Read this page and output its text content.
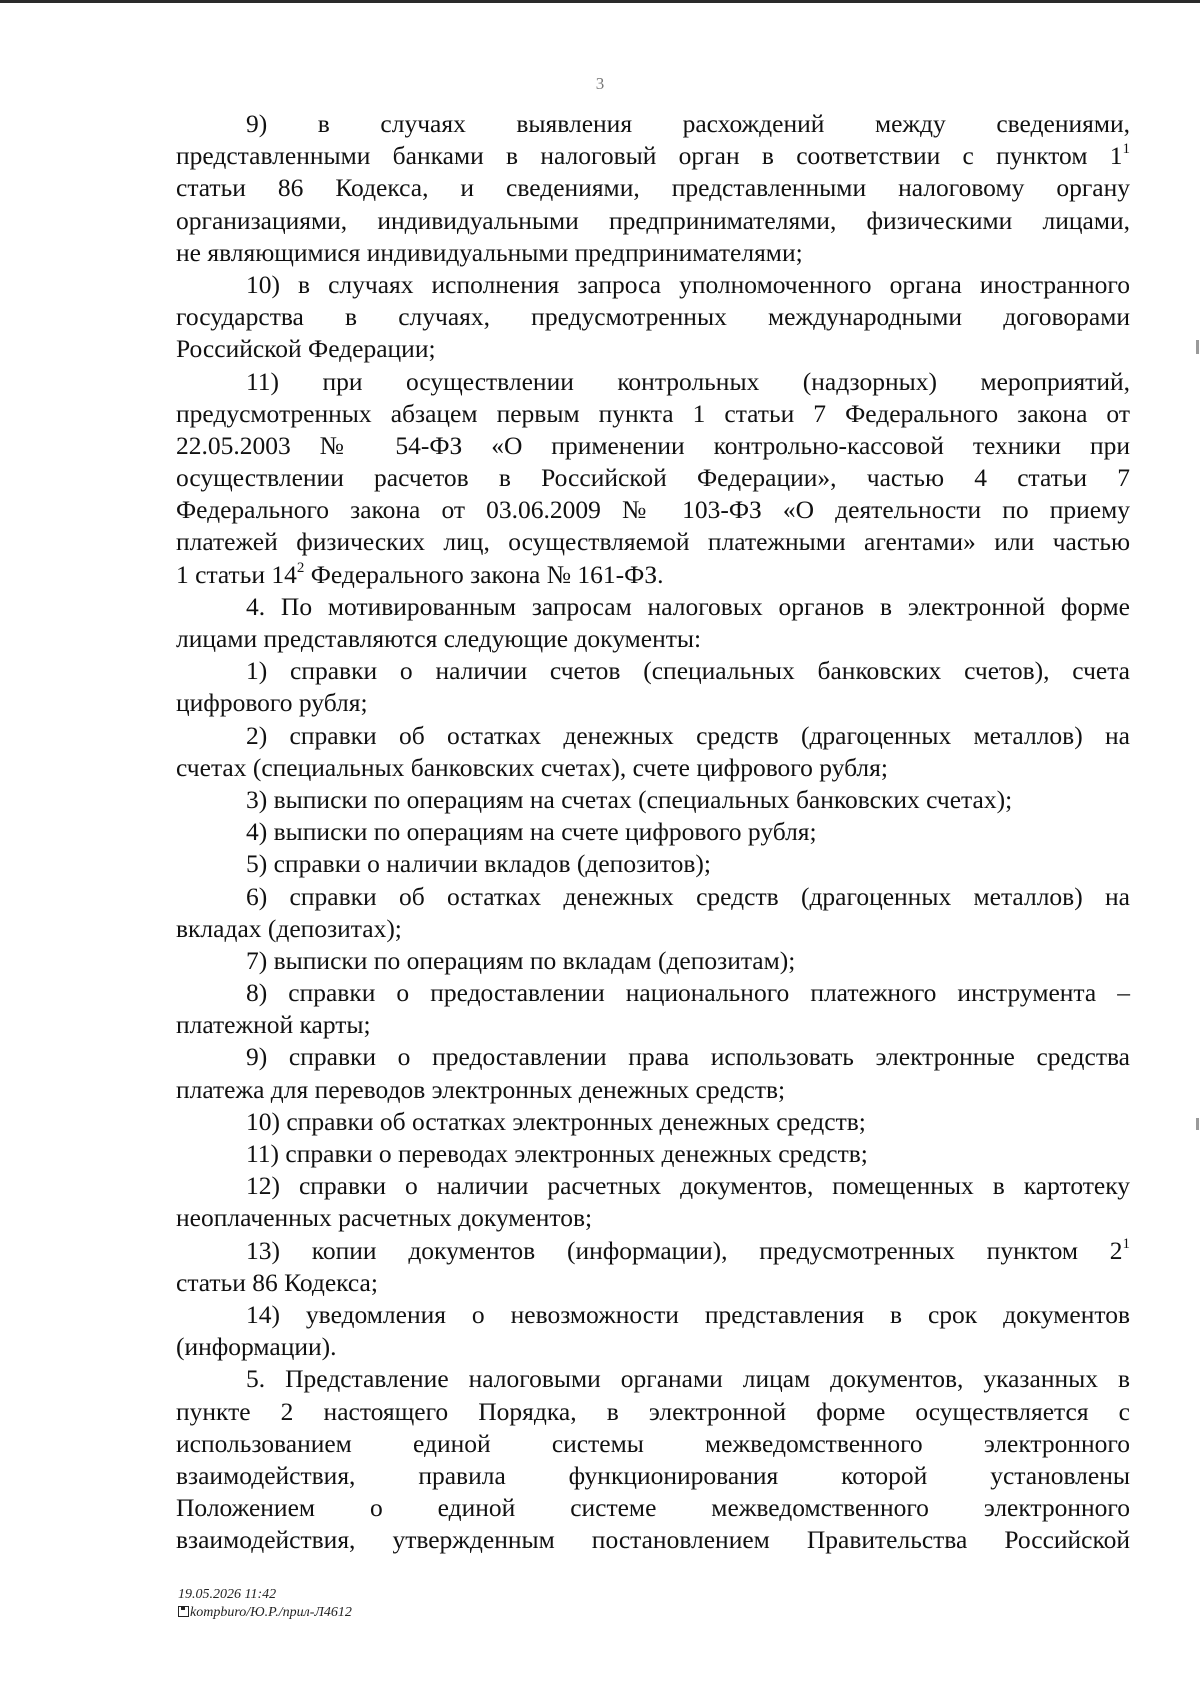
3
9) в случаях выявления расхождений между сведениями,
представленными банками в налоговый орган в соответствии с пунктом $1^1$
статьи 86 Кодекса, и сведениями, представленными налоговому органу
организациями, индивидуальными предпринимателями, физическими лицами,
не являющимися индивидуальными предпринимателями;
10) в случаях исполнения запроса уполномоченного органа иностранного
государства в случаях, предусмотренных международными договорами
Российской Федерации;
11) при осуществлении контрольных (надзорных) мероприятий,
предусмотренных абзацем первым пункта 1 статьи 7 Федерального закона от
22.05.2003 № 54-ФЗ «О применении контрольно-кассовой техники при
осуществлении расчетов в Российской Федерации», частью 4 статьи 7
Федерального закона от 03.06.2009 № 103-ФЗ «О деятельности по приему
платежей физических лиц, осуществляемой платежными агентами» или частью
1 статьи $14^2$ Федерального закона № 161-ФЗ.
4. По мотивированным запросам налоговых органов в электронной форме
лицами представляются следующие документы:
1) справки о наличии счетов (специальных банковских счетов), счета
цифрового рубля;
2) справки об остатках денежных средств (драгоценных металлов) на
счетах (специальных банковских счетах), счете цифрового рубля;
3) выписки по операциям на счетах (специальных банковских счетах);
4) выписки по операциям на счете цифрового рубля;
5) справки о наличии вкладов (депозитов);
6) справки об остатках денежных средств (драгоценных металлов) на
вкладах (депозитах);
7) выписки по операциям по вкладам (депозитам);
8) справки о предоставлении национального платежного инструмента –
платежной карты;
9) справки о предоставлении права использовать электронные средства
платежа для переводов электронных денежных средств;
10) справки об остатках электронных денежных средств;
11) справки о переводах электронных денежных средств;
12) справки о наличии расчетных документов, помещенных в картотеку
неоплаченных расчетных документов;
13) копии документов (информации), предусмотренных пунктом $2^1$
статьи 86 Кодекса;
14) уведомления о невозможности представления в срок документов
(информации).
5. Представление налоговыми органами лицам документов, указанных в
пункте 2 настоящего Порядка, в электронной форме осуществляется с
использованием единой системы межведомственного электронного
взаимодействия, правила функционирования которой установлены
Положением о единой системе межведомственного электронного
взаимодействия, утвержденным постановлением Правительства Российской
19.05.2026 11:42
kompburo/Ю.Р./прил-Л4612
